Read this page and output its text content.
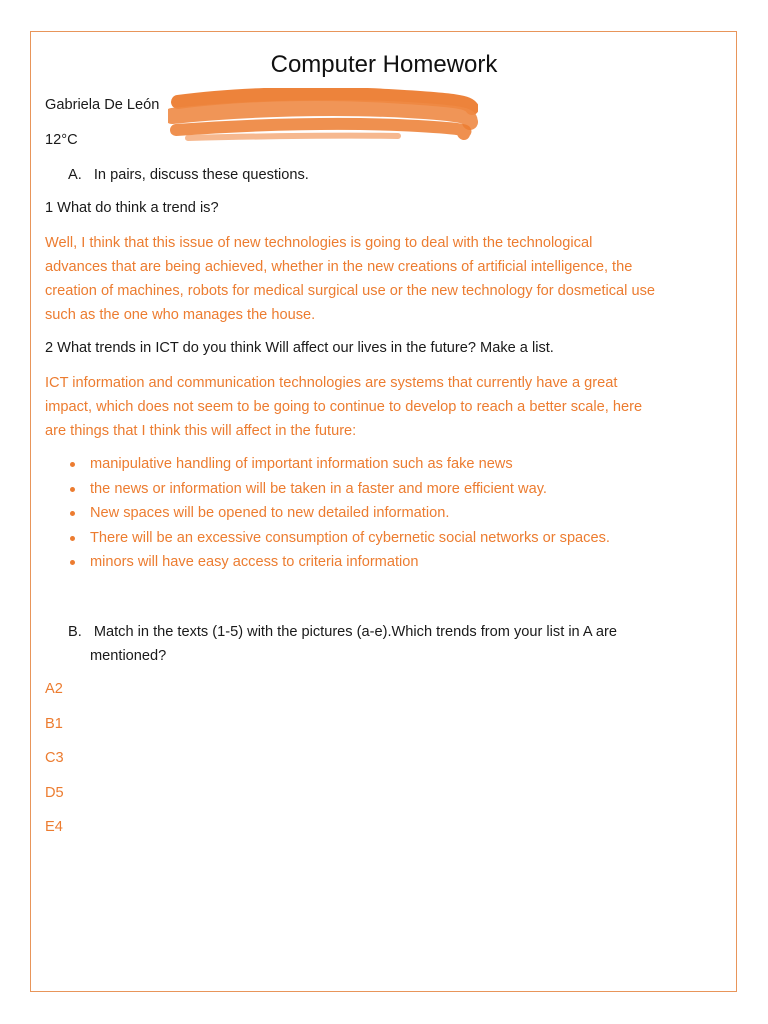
Computer Homework
Gabriela De León
12°C
A. In pairs, discuss these questions.
1 What do think a trend is?
Well, I think that this issue of new technologies is going to deal with the technological
advances that are being achieved, whether in the new creations of artificial intelligence, the
creation of machines, robots for medical surgical use or the new technology for dosmetical use
such as the one who manages the house.
2 What trends in ICT do you think Will affect our lives in the future? Make a list.
ICT information and communication technologies are systems that currently have a great
impact, which does not seem to be going to continue to develop to reach a better scale, here
are things that I think this will affect in the future:
manipulative handling of important information such as fake news
the news or information will be taken in a faster and more efficient way.
New spaces will be opened to new detailed information.
There will be an excessive consumption of cybernetic social networks or spaces.
minors will have easy access to criteria information
B. Match in the texts (1-5) with the pictures (a-e).Which trends from your list in A are
mentioned?
A2
B1
C3
D5
E4
